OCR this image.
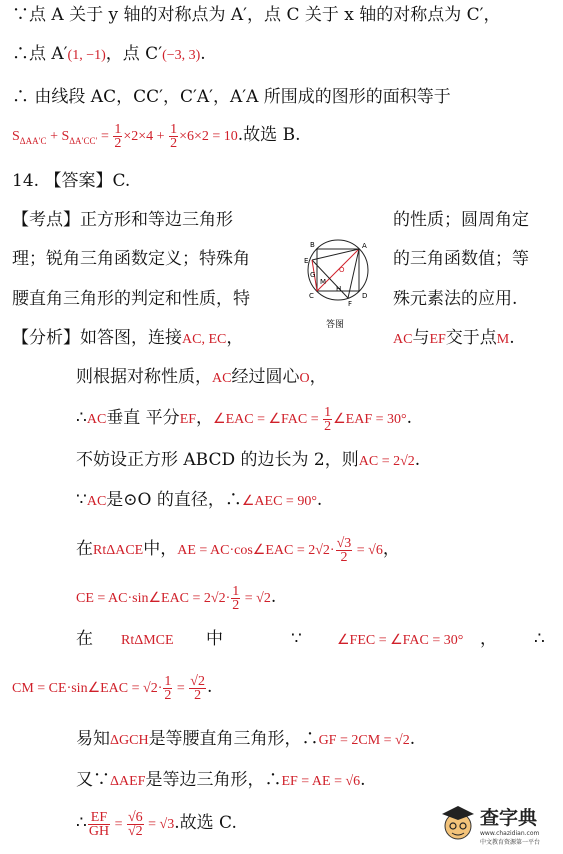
∵点 A 关于 y 轴的对称点为 A′，点 C 关于 x 轴的对称点为 C′，
∴点 A′(1, −1)，点 C′(−3, 3).
∴ 由线段 AC，CC′，C′A′，A′A 所围成的图形的面积等于
$S_{\Delta AA'C} + S_{\Delta A'CC'} = \frac{1}{2} \times 2\times 4 + \frac{1}{2} \times 6\times 2 = 10$.故选 B.
14. 【答案】C.
【考点】正方形和等边三角形	的性质；圆周角定
理；锐角三角函数定义；特殊角	的三角函数值；等
腰直角三角形的判定和性质，特	殊元素法的应用.
A
B
C	D
E
F
G
H
M
O
答图
【分析】如答图，连接AC, EC，	AC与EF交于点M.
则根据对称性质，AC经过圆心O，
∴AC垂直 平分EF，∠EAC = ∠FAC = $\frac{1}{2}$ ∠EAF = 30°.
不妨设正方形 ABCD 的边长为 2，则AC = 2√2.
∵AC是⊙O 的直径，∴∠AEC = 90°.
在RtΔACE中，AE = AC·cos∠EAC = $2√2\cdot \frac{√3}{2} = √6$，
CE = AC·sin∠EAC = $2√2\cdot \frac{1}{2} = √2$.
在 RtΔMCE 中	∵	∠FEC = ∠FAC = 30° ， ∴
CM = CE·sin∠EAC = $√2\cdot \frac{1}{2} = \frac{√2}{2}$ .
易知ΔGCH是等腰直角三角形，∴GF = 2CM = √2.
又∵ΔAEF是等边三角形，∴EF = AE = √6.
∴ $\frac{EF}{GH} = \frac{√6}{√2} = √3$.故选 C.	查字典
www.chazidian.com
中文教育资源第一平台
